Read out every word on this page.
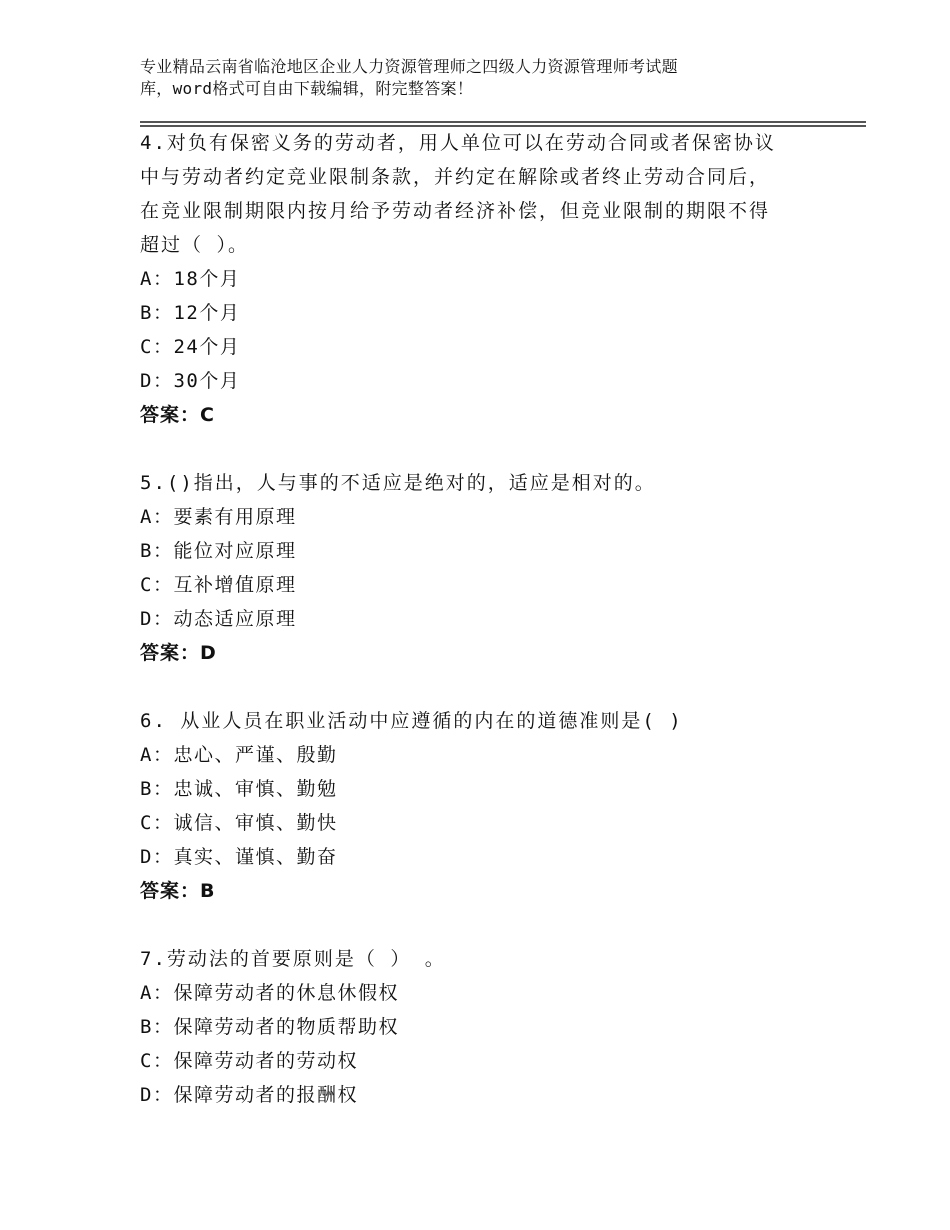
专业精品云南省临沧地区企业人力资源管理师之四级人力资源管理师考试题
库，word格式可自由下载编辑，附完整答案！
4.对负有保密义务的劳动者，用人单位可以在劳动合同或者保密协议
中与劳动者约定竞业限制条款，并约定在解除或者终止劳动合同后，
在竞业限制期限内按月给予劳动者经济补偿，但竞业限制的期限不得
超过（ ）。
A：18个月
B：12个月
C：24个月
D：30个月
答案：C
5.()指出，人与事的不适应是绝对的，适应是相对的。
A：要素有用原理
B：能位对应原理
C：互补增值原理
D：动态适应原理
答案：D
6. 从业人员在职业活动中应遵循的内在的道德准则是( )
A：忠心、严谨、殷勤
B：忠诚、审慎、勤勉
C：诚信、审慎、勤快
D：真实、谨慎、勤奋
答案：B
7.劳动法的首要原则是（ ） 。
A：保障劳动者的休息休假权
B：保障劳动者的物质帮助权
C：保障劳动者的劳动权
D：保障劳动者的报酬权
